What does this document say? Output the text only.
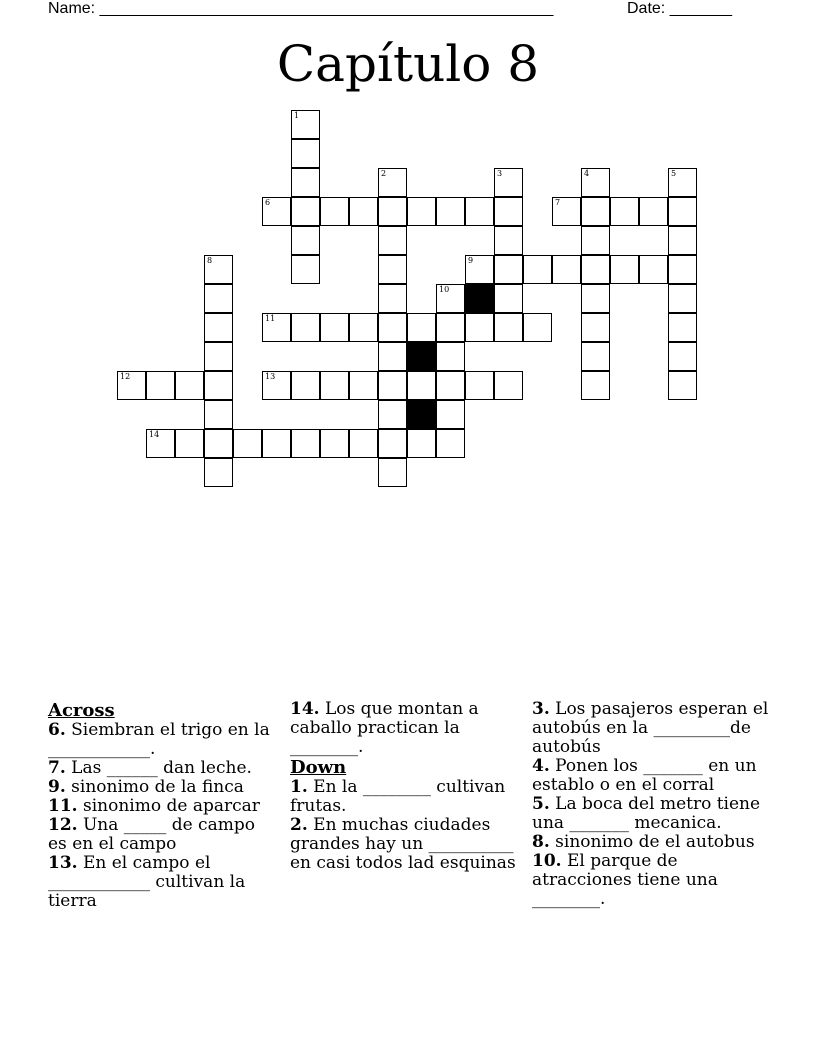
Name: ___________________________________________________	Date: _______
Capítulo 8
6	7
9
11
12	13
14
1
2	3	4	5
8
10
Across
6. Siembran el trigo en la ____________.
7. Las ______ dan leche.
9. sinonimo de la finca
11. sinonimo de aparcar
12. Una _____ de campo es en el campo
13. En el campo el ____________ cultivan la tierra
14. Los que montan a caballo practican la ________.
Down
1. En la ________ cultivan frutas.
2. En muchas ciudades grandes hay un __________ en casi todos lad esquinas
3. Los pasajeros esperan el autobús en la _________de autobús
4. Ponen los _______ en un establo o en el corral
5. La boca del metro tiene una _______ mecanica.
8. sinonimo de el autobus
10. El parque de atracciones tiene una ________.
